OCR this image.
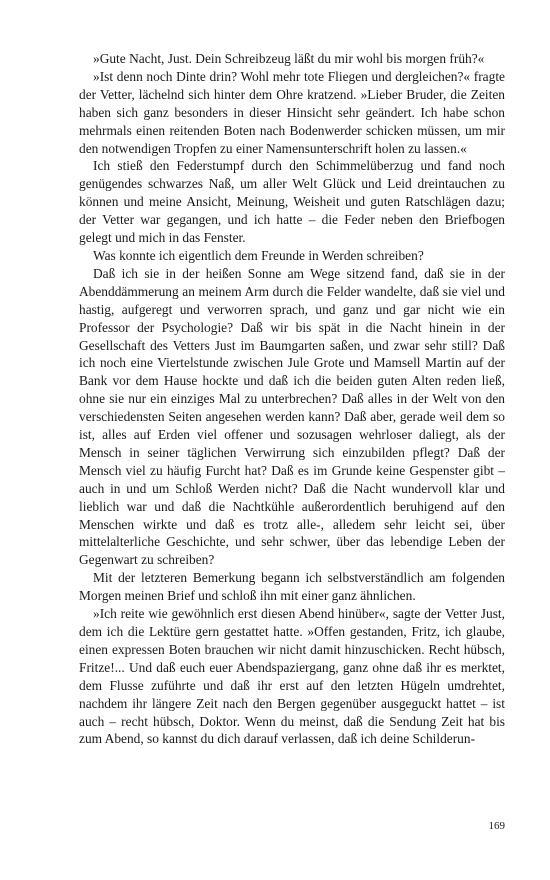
»Gute Nacht, Just. Dein Schreibzeug läßt du mir wohl bis morgen früh?«

»Ist denn noch Dinte drin? Wohl mehr tote Fliegen und dergleichen?« fragte der Vetter, lächelnd sich hinter dem Ohre kratzend. »Lieber Bruder, die Zeiten haben sich ganz besonders in dieser Hinsicht sehr geändert. Ich habe schon mehrmals einen reitenden Boten nach Bodenwerder schicken müssen, um mir den notwendigen Tropfen zu einer Namensunterschrift holen zu lassen.«

Ich stieß den Federstumpf durch den Schimmelüberzug und fand noch genügendes schwarzes Naß, um aller Welt Glück und Leid dreintauchen zu können und meine Ansicht, Meinung, Weisheit und guten Ratschlägen dazu; der Vetter war gegangen, und ich hatte – die Feder neben den Briefbogen gelegt und mich in das Fenster.

Was konnte ich eigentlich dem Freunde in Werden schreiben?

Daß ich sie in der heißen Sonne am Wege sitzend fand, daß sie in der Abenddämmerung an meinem Arm durch die Felder wandelte, daß sie viel und hastig, aufgeregt und verworren sprach, und ganz und gar nicht wie ein Professor der Psychologie? Daß wir bis spät in die Nacht hinein in der Gesellschaft des Vetters Just im Baumgarten saßen, und zwar sehr still? Daß ich noch eine Viertelstunde zwischen Jule Grote und Mamsell Martin auf der Bank vor dem Hause hockte und daß ich die beiden guten Alten reden ließ, ohne sie nur ein einziges Mal zu unterbrechen? Daß alles in der Welt von den verschiedensten Seiten angesehen werden kann? Daß aber, gerade weil dem so ist, alles auf Erden viel offener und sozusagen wehrloser daliegt, als der Mensch in seiner täglichen Verwirrung sich einzubilden pflegt? Daß der Mensch viel zu häufig Furcht hat? Daß es im Grunde keine Gespenster gibt – auch in und um Schloß Werden nicht? Daß die Nacht wundervoll klar und lieblich war und daß die Nachtkühle außerordentlich beruhigend auf den Menschen wirkte und daß es trotz alle-, alledem sehr leicht sei, über mittelalterliche Geschichte, und sehr schwer, über das lebendige Leben der Gegenwart zu schreiben?

Mit der letzteren Bemerkung begann ich selbstverständlich am folgenden Morgen meinen Brief und schloß ihn mit einer ganz ähnlichen.

»Ich reite wie gewöhnlich erst diesen Abend hinüber«, sagte der Vetter Just, dem ich die Lektüre gern gestattet hatte. »Offen gestanden, Fritz, ich glaube, einen expressen Boten brauchen wir nicht damit hinzuschicken. Recht hübsch, Fritze!... Und daß euch euer Abendspaziergang, ganz ohne daß ihr es merktet, dem Flusse zuführte und daß ihr erst auf den letzten Hügeln umdrehtet, nachdem ihr längere Zeit nach den Bergen gegenüber ausgeguckt hattet – ist auch – recht hübsch, Doktor. Wenn du meinst, daß die Sendung Zeit hat bis zum Abend, so kannst du dich darauf verlassen, daß ich deine Schilderun-

169
